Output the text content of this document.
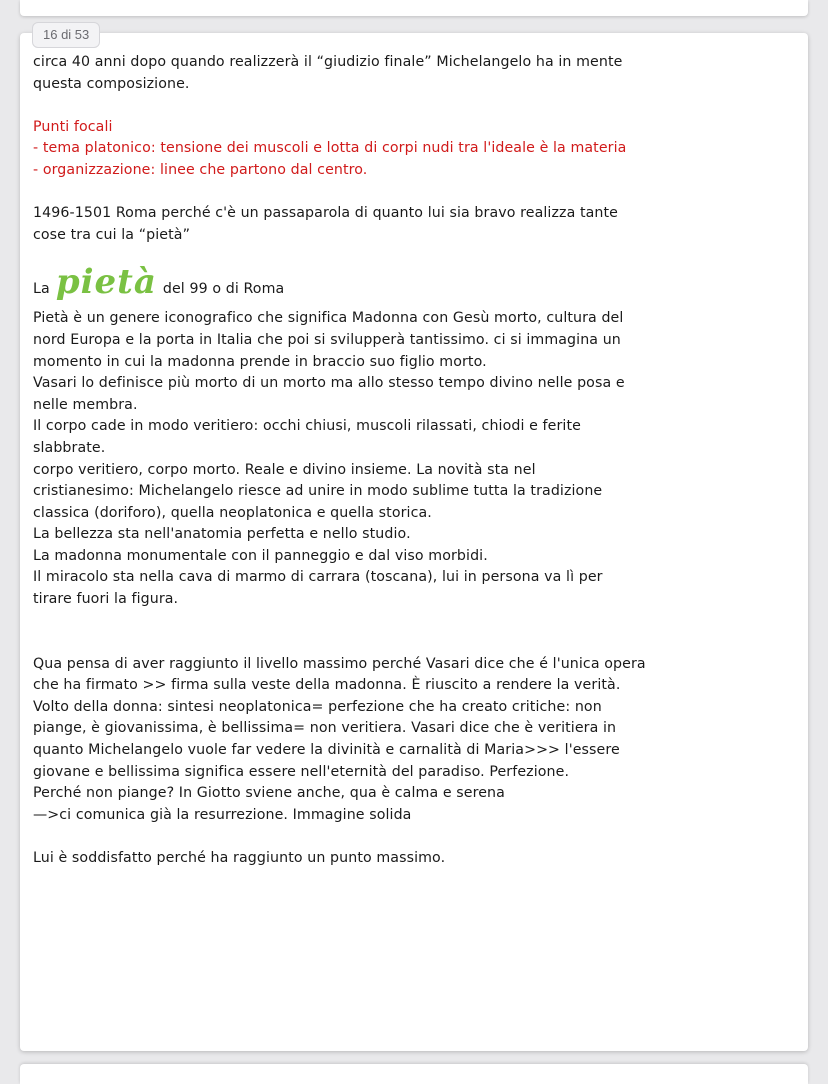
16 di 53

circa 40 anni dopo quando realizzerà il “giudizio finale” Michelangelo ha in mente

questa composizione.

Punti focali

- tema platonico: tensione dei muscoli e lotta di corpi nudi tra l'ideale è la materia

- organizzazione: linee che partono dal centro.

1496-1501 Roma perché c'è un passaparola di quanto lui sia bravo realizza tante

cose tra cui la “pietà”

La pietà del 99 o di Roma

Pietà è un genere iconografico che significa Madonna con Gesù morto, cultura del

nord Europa e la porta in Italia che poi si svilupperà tantissimo. ci si immagina un

momento in cui la madonna prende in braccio suo figlio morto.

Vasari lo definisce più morto di un morto ma allo stesso tempo divino nelle posa e

nelle membra.

Il corpo cade in modo veritiero: occhi chiusi, muscoli rilassati, chiodi e ferite

slabbrate.

corpo veritiero, corpo morto. Reale e divino insieme. La novità sta nel

cristianesimo: Michelangelo riesce ad unire in modo sublime tutta la tradizione

classica (doriforo), quella neoplatonica e quella storica.

La bellezza sta nell'anatomia perfetta e nello studio.

La madonna monumentale con il panneggio e dal viso morbidi.

Il miracolo sta nella cava di marmo di carrara (toscana), lui in persona va lì per

tirare fuori la figura.

Qua pensa di aver raggiunto il livello massimo perché Vasari dice che é l'unica opera

che ha firmato >> firma sulla veste della madonna. È riuscito a rendere la verità.

Volto della donna: sintesi neoplatonica= perfezione che ha creato critiche: non

piange, è giovanissima, è bellissima= non veritiera. Vasari dice che è veritiera in

quanto Michelangelo vuole far vedere la divinità e carnalità di Maria>>> l'essere

giovane e bellissima significa essere nell'eternità del paradiso. Perfezione.

Perché non piange? In Giotto sviene anche, qua è calma e serena

—>ci comunica già la resurrezione. Immagine solida

Lui è soddisfatto perché ha raggiunto un punto massimo.
